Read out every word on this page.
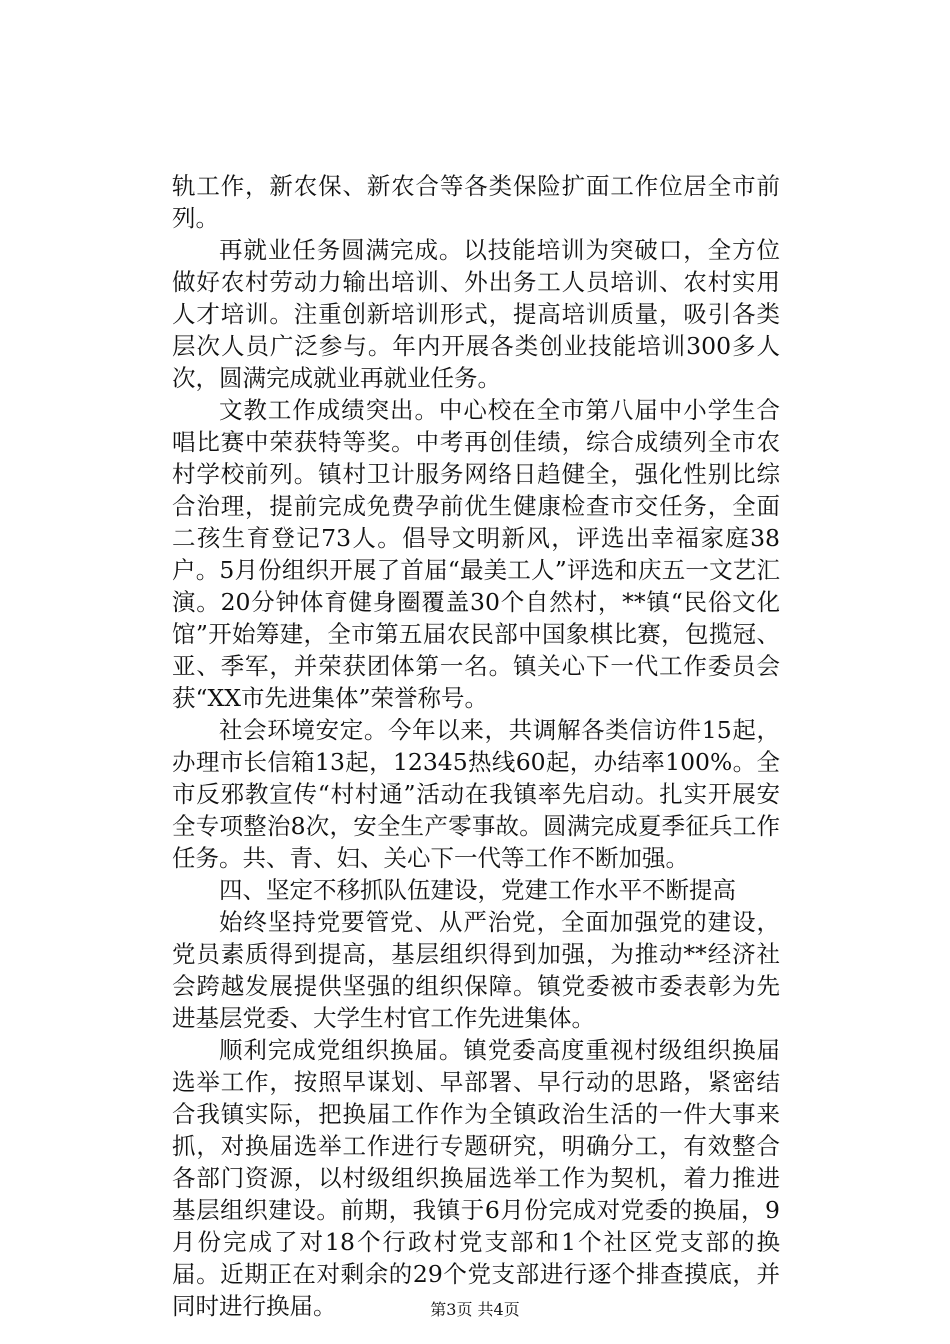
轨工作，新农保、新农合等各类保险扩面工作位居全市前列。

再就业任务圆满完成。以技能培训为突破口，全方位做好农村劳动力输出培训、外出务工人员培训、农村实用人才培训。注重创新培训形式，提高培训质量，吸引各类层次人员广泛参与。年内开展各类创业技能培训300多人次，圆满完成就业再就业任务。

文教工作成绩突出。中心校在全市第八届中小学生合唱比赛中荣获特等奖。中考再创佳绩，综合成绩列全市农村学校前列。镇村卫计服务网络日趋健全，强化性别比综合治理，提前完成免费孕前优生健康检查市交任务，全面二孩生育登记73人。倡导文明新风，评选出幸福家庭38户。5月份组织开展了首届“最美工人”评选和庆五一文艺汇演。20分钟体育健身圈覆盖30个自然村，**镇“民俗文化馆”开始筹建，全市第五届农民部中国象棋比赛，包揽冠、亚、季军，并荣获团体第一名。镇关心下一代工作委员会获“XX市先进集体”荣誉称号。

社会环境安定。今年以来，共调解各类信访件15起，办理市长信箱13起，12345热线60起，办结率100%。全市反邪教宣传“村村通”活动在我镇率先启动。扎实开展安全专项整治8次，安全生产零事故。圆满完成夏季征兵工作任务。共、青、妇、关心下一代等工作不断加强。

四、坚定不移抓队伍建设，党建工作水平不断提高

始终坚持党要管党、从严治党，全面加强党的建设，党员素质得到提高，基层组织得到加强，为推动**经济社会跨越发展提供坚强的组织保障。镇党委被市委表彰为先进基层党委、大学生村官工作先进集体。

顺利完成党组织换届。镇党委高度重视村级组织换届选举工作，按照早谋划、早部署、早行动的思路，紧密结合我镇实际，把换届工作作为全镇政治生活的一件大事来抓，对换届选举工作进行专题研究，明确分工，有效整合各部门资源，以村级组织换届选举工作为契机，着力推进基层组织建设。前期，我镇于6月份完成对党委的换届，9月份完成了对18个行政村党支部和1个社区党支部的换届。近期正在对剩余的29个党支部进行逐个排查摸底，并同时进行换届。	第3页 共4页
